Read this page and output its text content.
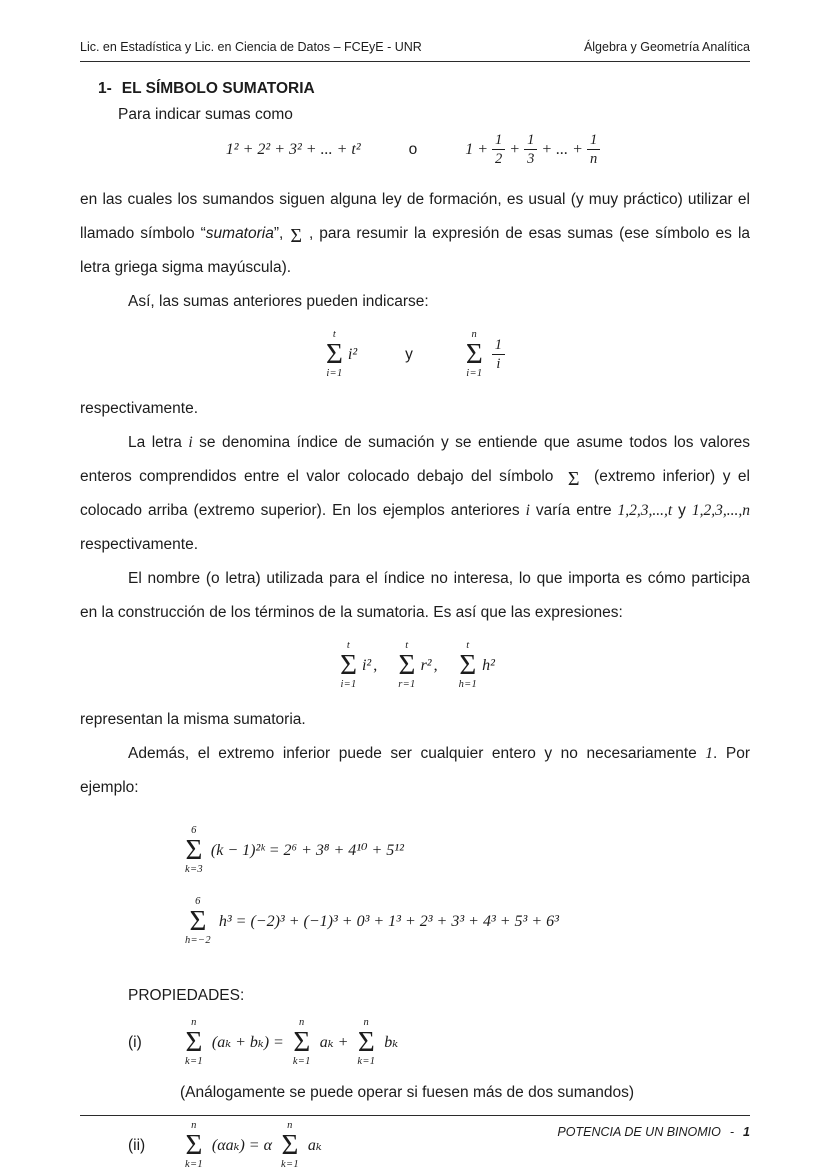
Lic. en Estadística y Lic. en Ciencia de Datos – FCEyE - UNR	Álgebra y Geometría Analítica
1- EL SÍMBOLO SUMATORIA
Para indicar sumas como
1² + 2² + 3² + ... + t²	o	$1 + \frac{1}{2} + \frac{1}{3}$ + ... + $\frac{1}{n}$

en las cuales los sumandos siguen alguna ley de formación, es usual (y muy práctico) utilizar el llamado símbolo “sumatoria”, Σ , para resumir la expresión de esas sumas (ese símbolo es la letra griega sigma mayúscula).

Así, las sumas anteriores pueden indicarse:

t
Σ
i=1
i²	y
n
Σ
i=1
$\frac{1}{i}$

respectivamente.

La letra i se denomina índice de sumación y se entiende que asume todos los valores enteros comprendidos entre el valor colocado debajo del símbolo Σ (extremo inferior) y el colocado arriba (extremo superior). En los ejemplos anteriores i varía entre 1,2,3,...,t y 1,2,3,...,n respectivamente.

El nombre (o letra) utilizada para el índice no interesa, lo que importa es cómo participa en la construcción de los términos de la sumatoria. Es así que las expresiones:

t
Σ
i=1
i² ,
t
Σ
r=1
r² ,
t
Σ
h=1
h²

representan la misma sumatoria.

Además, el extremo inferior puede ser cualquier entero y no necesariamente 1. Por ejemplo:

6
Σ
k=3
(k − 1)²ᵏ = 2⁶ + 3⁸ + 4¹⁰ + 5¹²
6
Σ
h=−2
h³ = (−2)³ + (−1)³ + 0³ + 1³ + 2³ + 3³ + 4³ + 5³ + 6³
PROPIEDADES:
(i)
n
Σ
k=1
(aₖ + bₖ) =
n
Σ
k=1
aₖ +
n
Σ
k=1
bₖ
(Análogamente se puede operar si fuesen más de dos sumandos)
(ii)
n
Σ
k=1
(αaₖ) = α
n
Σ
k=1
aₖ
POTENCIA DE UN BINOMIO - 1
